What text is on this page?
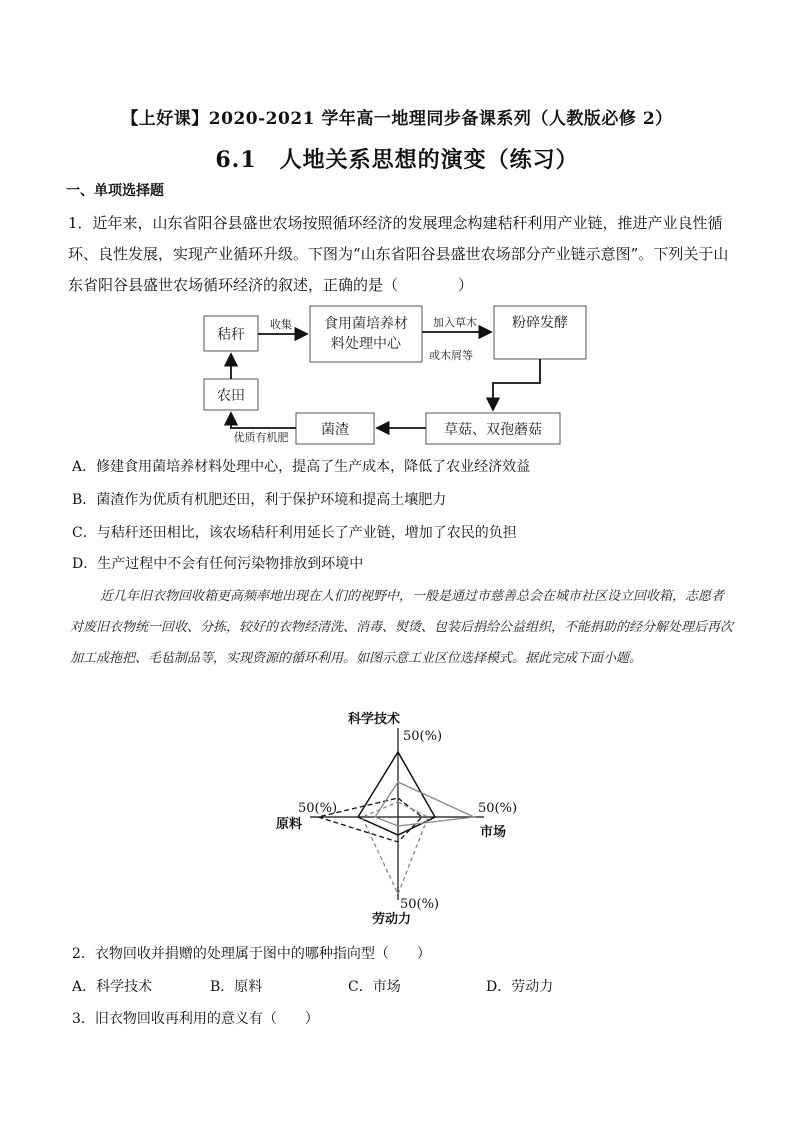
【上好课】2020-2021 学年高一地理同步备课系列（人教版必修 2）
6.1　人地关系思想的演变（练习）
一、单项选择题
1．近年来，山东省阳谷县盛世农场按照循环经济的发展理念构建秸秆利用产业链，推进产业良性循环、良性发展，实现产业循环升级。下图为“山东省阳谷县盛世农场部分产业链示意图”。下列关于山东省阳谷县盛世农场循环经济的叙述，正确的是（　　　　）
秸秆
食用菌培养材
料处理中心
粉碎发酵
草菇、双孢蘑菇
菌渣
农田
收集	加入草木
或木屑等
优质有机肥
A．修建食用菌培养材料处理中心，提高了生产成本，降低了农业经济效益
B．菌渣作为优质有机肥还田，利于保护环境和提高土壤肥力
C．与秸秆还田相比，该农场秸秆利用延长了产业链，增加了农民的负担
D．生产过程中不会有任何污染物排放到环境中
近几年旧衣物回收箱更高频率地出现在人们的视野中，一般是通过市慈善总会在城市社区设立回收箱，志愿者对废旧衣物统一回收、分拣，较好的衣物经清洗、消毒、熨烫、包装后捐给公益组织，不能捐助的经分解处理后再次加工成拖把、毛毡制品等，实现资源的循环利用。如图示意工业区位选择模式。据此完成下面小题。
科学技术
50(%)
50(%)
原料
50(%)
市场
50(%)
劳动力
2．衣物回收并捐赠的处理属于图中的哪种指向型（　　）
A．科学技术	B．原料	C．市场	D．劳动力
3．旧衣物回收再利用的意义有（　　）
